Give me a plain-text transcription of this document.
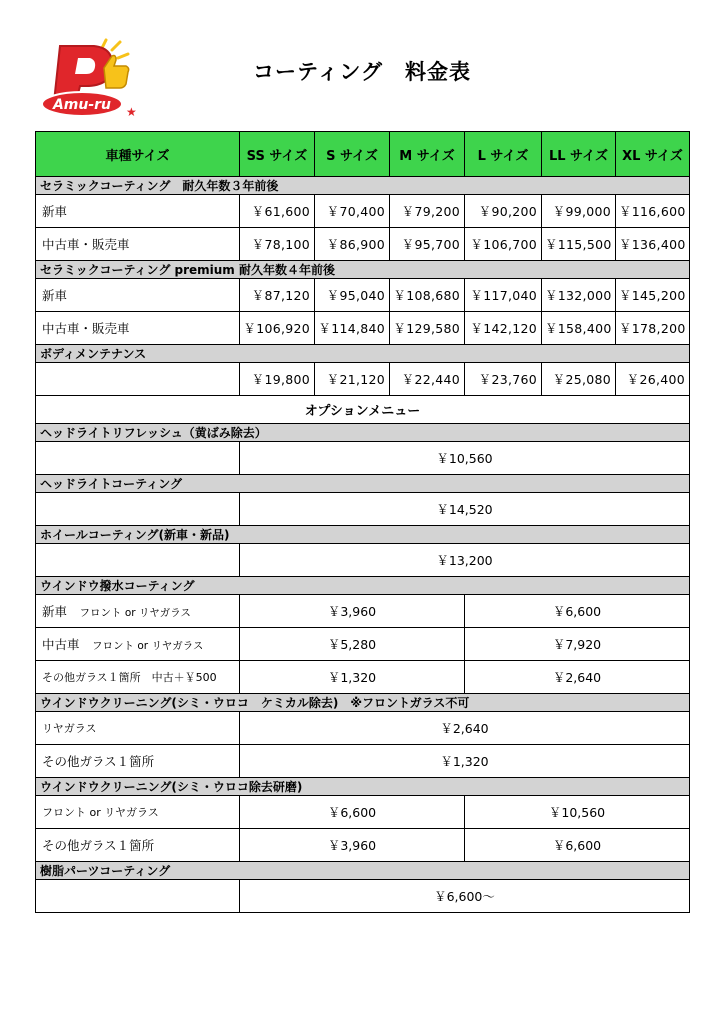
Amu-ru ★
コーティング　料金表
車種サイズ	SS サイズ	S サイズ	M サイズ	L サイズ	LL サイズ	XL サイズ
セラミックコーティング　耐久年数３年前後						
新車	￥61,600	￥70,400	￥79,200	￥90,200	￥99,000	￥116,600
中古車・販売車	￥78,100	￥86,900	￥95,700	￥106,700	￥115,500	￥136,400
セラミックコーティング premium 耐久年数４年前後						
新車	￥87,120	￥95,040	￥108,680	￥117,040	￥132,000	￥145,200
中古車・販売車	￥106,920	￥114,840	￥129,580	￥142,120	￥158,400	￥178,200
ボディメンテナンス						
	￥19,800	￥21,120	￥22,440	￥23,760	￥25,080	￥26,400
オプションメニュー						
ヘッドライトリフレッシュ（黄ばみ除去）						
	￥10,560					
ヘッドライトコーティング						
	￥14,520					
ホイールコーティング(新車・新品)						
	￥13,200					
ウインドウ撥水コーティング						
新車　 フロント or リヤガラス	￥3,960			￥6,600		
中古車　 フロント or リヤガラス	￥5,280			￥7,920		
その他ガラス１箇所　中古＋￥500	￥1,320			￥2,640		
ウインドウクリーニング(シミ・ウロコ　ケミカル除去)　※フロントガラス不可						
リヤガラス	￥2,640					
その他ガラス１箇所	￥1,320					
ウインドウクリーニング(シミ・ウロコ除去研磨)						
フロント or リヤガラス	￥6,600			￥10,560		
その他ガラス１箇所	￥3,960			￥6,600		
樹脂パーツコーティング						
	￥6,600～					
